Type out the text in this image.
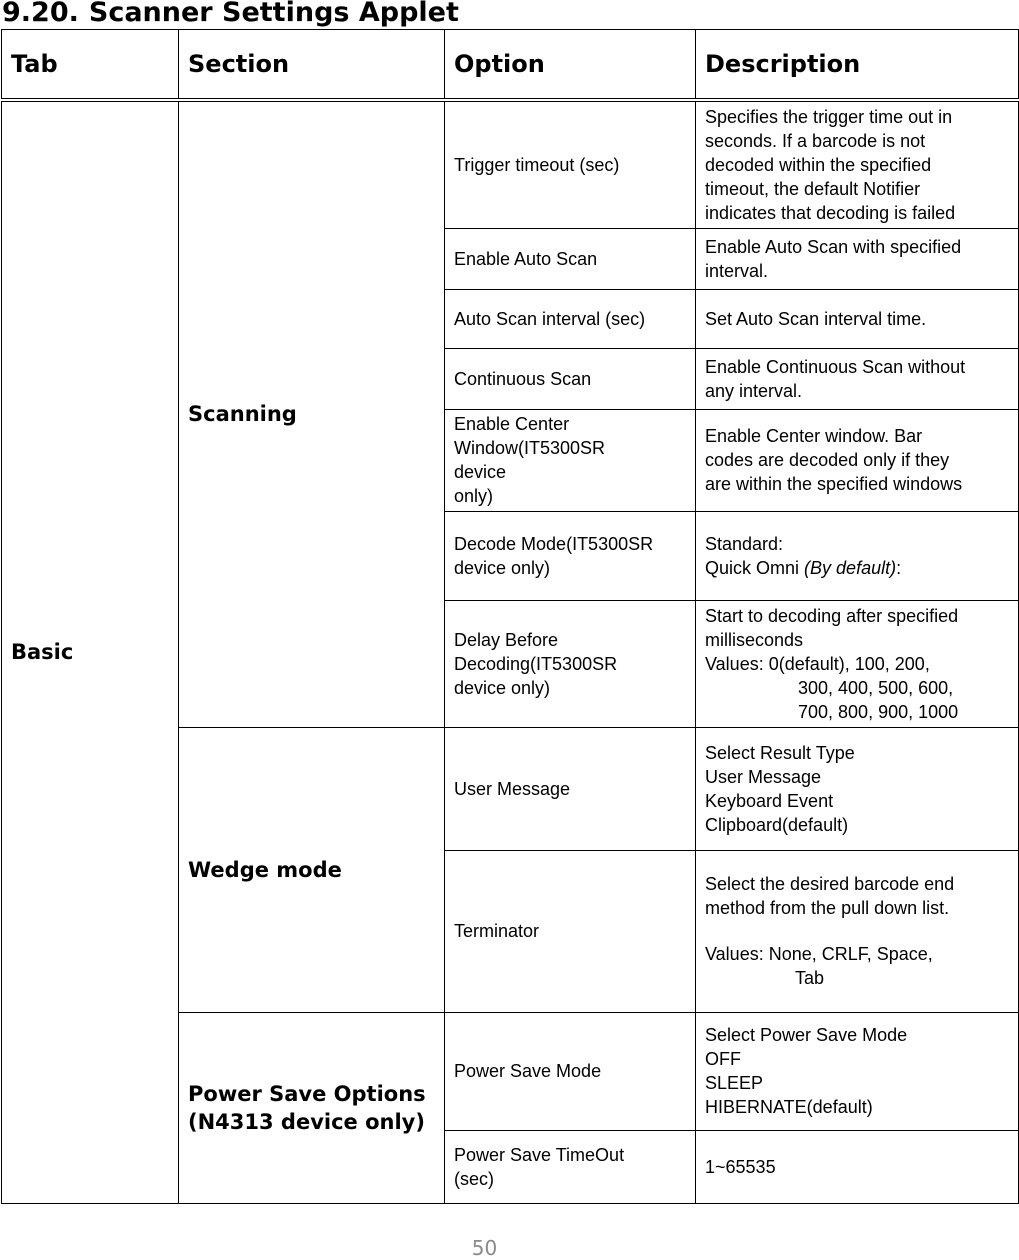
9.20. Scanner Settings Applet
Tab	Section	Option	Description
Basic	Scanning	Trigger timeout (sec)	Specifies the trigger time out in
seconds. If a barcode is not
decoded within the specified
timeout, the default Notifier
indicates that decoding is failed

		Enable Auto Scan	Enable Auto Scan with specified
interval.

		Auto Scan interval (sec)	Set Auto Scan interval time.
		Continuous Scan	Enable Continuous Scan without
any interval.

		Enable Center
Window(IT5300SR
device
only)	Enable Center window. Bar
codes are decoded only if they
are within the specified windows

		Decode Mode(IT5300SR
device only)	Standard:
Quick Omni (By default):

		Delay Before
Decoding(IT5300SR
device only)	Start to decoding after specified
milliseconds
Values: 0(default), 100, 200,
300, 400, 500, 600,
700, 800, 900, 1000

	Wedge mode	User Message	Select Result Type
User Message
Keyboard Event
Clipboard(default)

		Terminator	Select the desired barcode end
method from the pull down list.
Values: None, CRLF, Space,
Tab

	Power Save Options
(N4313 device only)	Power Save Mode	Select Power Save Mode
OFF
SLEEP
HIBERNATE(default)

		Power Save TimeOut
(sec)	1~65535
50
